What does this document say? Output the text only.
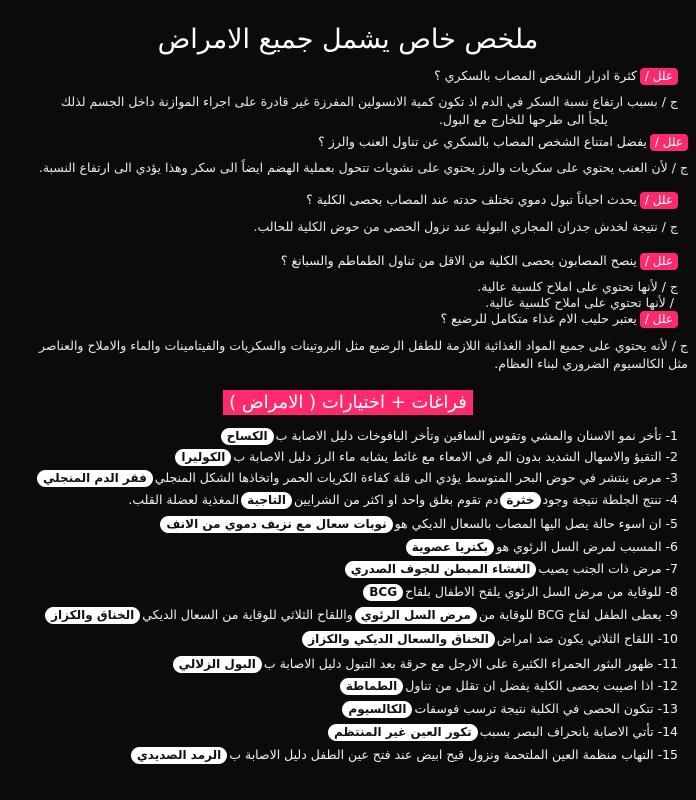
ملخص خاص يشمل جميع الامراض
علل /كثرة ادرار الشخص المصاب بالسكري ؟
ج / بسبب ارتفاع نسبة السكر في الدم اذ تكون كمية الانسولين المفرزة غير قادرة على اجراء الموازنة داخل الجسم لذلك
يلجأ الى طرحها للخارج مع البول.
علل /يفضل امتناع الشخص المصاب بالسكري عن تناول العنب والرز ؟
ج / لأن العنب يحتوي على سكريات والرز يحتوي على نشويات تتحول بعملية الهضم ايضاً الى سكر وهذا يؤدي الى ارتفاع النسبة.
علل /يحدث احياناً تبول دموي تختلف حدته عند المصاب بحصى الكلية ؟
ج / نتيجة لخدش جدران المجاري البولية عند نزول الحصى من حوض الكلية للحالب.
علل /ينصح المصابون بحصى الكلية من الاقل من تناول الطماطم والسبانغ ؟
ج / لأنها تحتوي على املاح كلسية عالية.
/ لأنها تحتوي على املاح كلسية عالية.
علل /يعتبر حليب الام غذاء متكامل للرضيع ؟
ج / لأنه يحتوي على جميع المواد الغذائية اللازمة للطفل الرضيع مثل البروتينات والسكريات والفيتامينات والماء والاملاح والعناصر
مثل الكالسيوم الضروري لبناء العظام.
فراغات + اختيارات ( الامراض )
1- تأخر نمو الاسنان والمشي وتقوس الساقين وتأخر اليافوخات دليل الاصابة بالكساح
2- التقيؤ والاسهال الشديد بدون الم في الامعاء مع غائط يشابه ماء الرز دليل الاصابة بالكوليرا
3- مرض ينتشر في حوض البحر المتوسط يؤدي الى قلة كفاءة الكريات الحمر واتخاذها الشكل المنجليفقر الدم المنجلي
4- تنتج الجلطة نتيجة وجودخثرةدم تقوم بغلق واحد او اكثر من الشرايينالتاجيةالمغذية لعضلة القلب.
5- ان اسوء حالة يصل اليها المصاب بالسعال الديكي هونوبات سعال مع نزيف دموي من الانف
6- المسبب لمرض السل الرئوي هوبكتريا عصوية
7- مرض ذات الجنب يصيبالغشاء المبطن للجوف الصدري
8- للوقاية من مرض السل الرئوي يلقح الاطفال بلقاحBCG
9- يعطى الطفل لقاح BCG للوقاية منمرض السل الرئويواللقاح الثلاثي للوقاية من السعال الديكيالخناق والكزاز
10- اللقاح الثلاثي يكون ضد امراضالخناق والسعال الديكي والكزاز
11- ظهور البثور الحمراء الكثيرة على الارجل مع حرقة بعد التبول دليل الاصابة بالبول الزلالي
12- اذا اصيبت بحصى الكلية يفضل ان تقلل من تناولالطماطة
13- تتكون الحصى في الكلية نتيجة ترسب فوسفاتالكالسيوم
14- تأتي الاصابة بانحراف البصر بسببتكور العين غير المنتظم
15- التهاب منظمة العين الملتحمة ونزول قيح ابيض عند فتح عين الطفل دليل الاصابة بالرمد الصديدي
